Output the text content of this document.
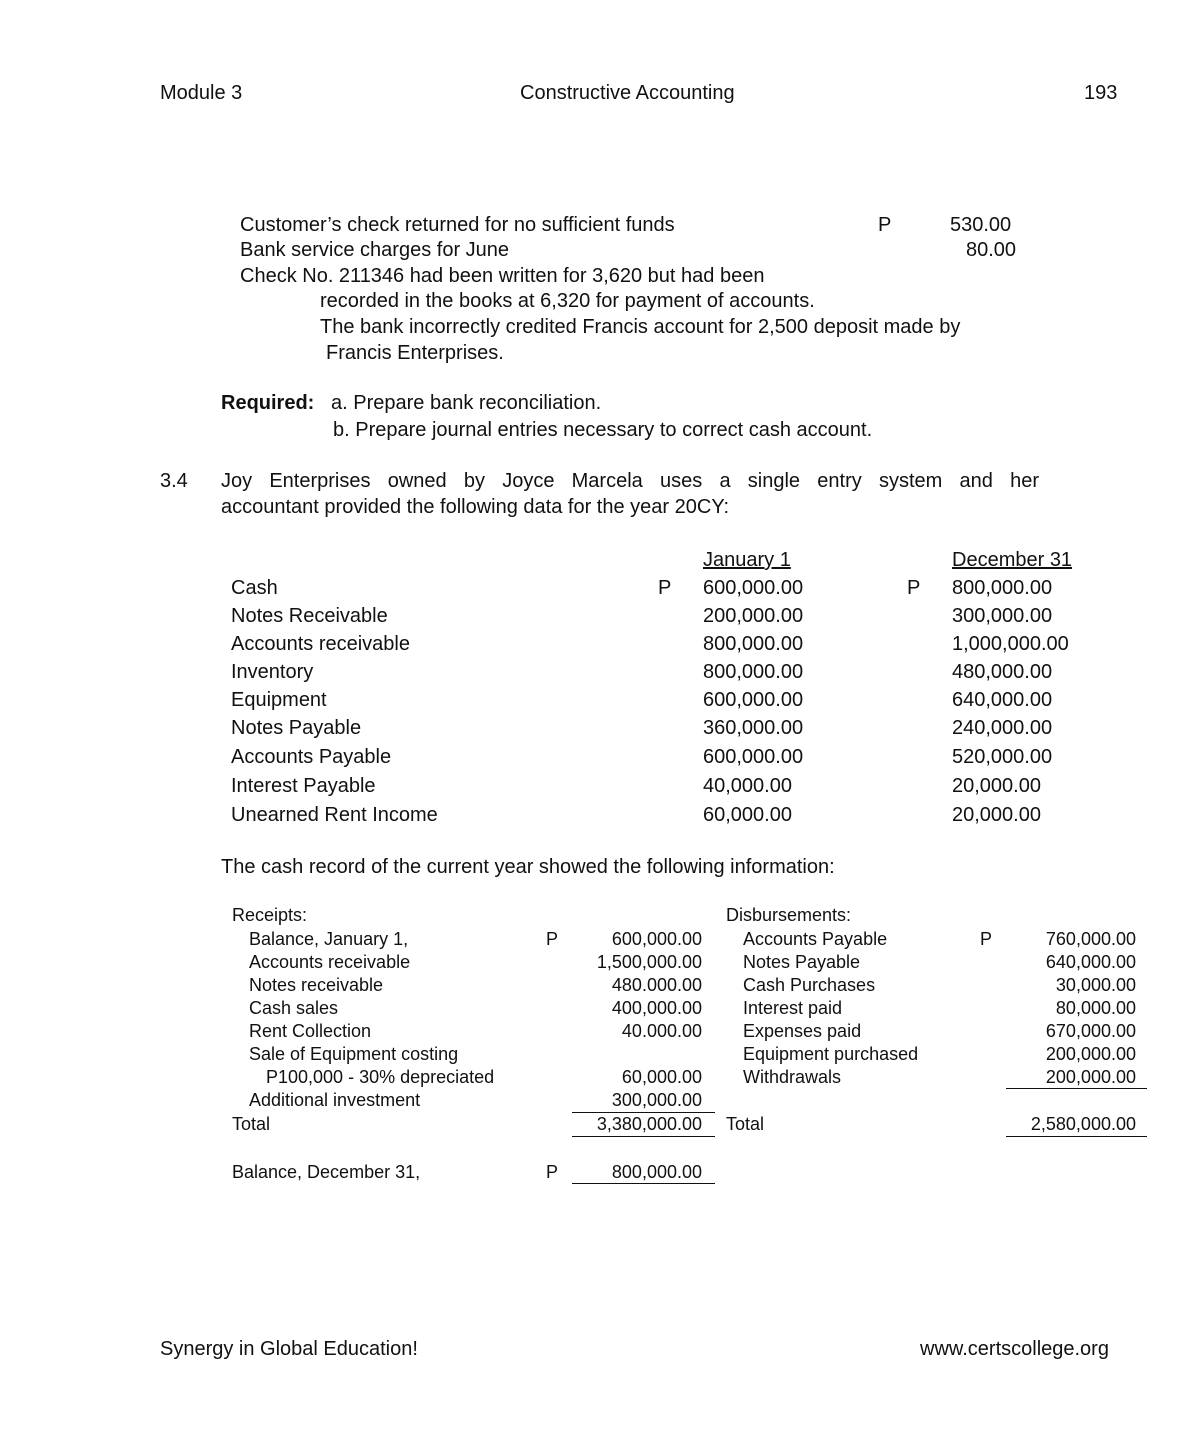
Module 3	Constructive Accounting	193
Customer’s check returned for no sufficient funds	P	530.00
Bank service charges for June	80.00
Check No. 211346 had been written for 3,620 but had been
recorded in the books at 6,320 for payment of accounts.
The bank incorrectly credited Francis account for 2,500 deposit made by
Francis Enterprises.
Required: a. Prepare bank reconciliation.
b. Prepare journal entries necessary to correct cash account.
3.4 Joy Enterprises owned by Joyce Marcela uses a single entry system and her
accountant provided the following data for the year 20CY:
January 1	December 31
P	P
Cash	600,000.00	800,000.00
Notes Receivable	200,000.00	300,000.00
Accounts receivable	800,000.00	1,000,000.00
Inventory	800,000.00	480,000.00
Equipment	600,000.00	640,000.00
Notes Payable	360,000.00	240,000.00
Accounts Payable	600,000.00	520,000.00
Interest Payable	40,000.00	20,000.00
Unearned Rent Income	60,000.00	20,000.00
The cash record of the current year showed the following information:
Receipts:
P
Balance, January 1,	600,000.00
Accounts receivable	1,500,000.00
Notes receivable	480.000.00
Cash sales	400,000.00
Rent Collection	40.000.00
Sale of Equipment costing
P100,000 - 30% depreciated	60,000.00
Additional investment	300,000.00
Total	3,380,000.00
Balance, December 31,	P	800,000.00
Disbursements:
P
Accounts Payable	760,000.00
Notes Payable	640,000.00
Cash Purchases	30,000.00
Interest paid	80,000.00
Expenses paid	670,000.00
Equipment purchased	200,000.00
Withdrawals	200,000.00
Total	2,580,000.00
Synergy in Global Education!	www.certscollege.org
